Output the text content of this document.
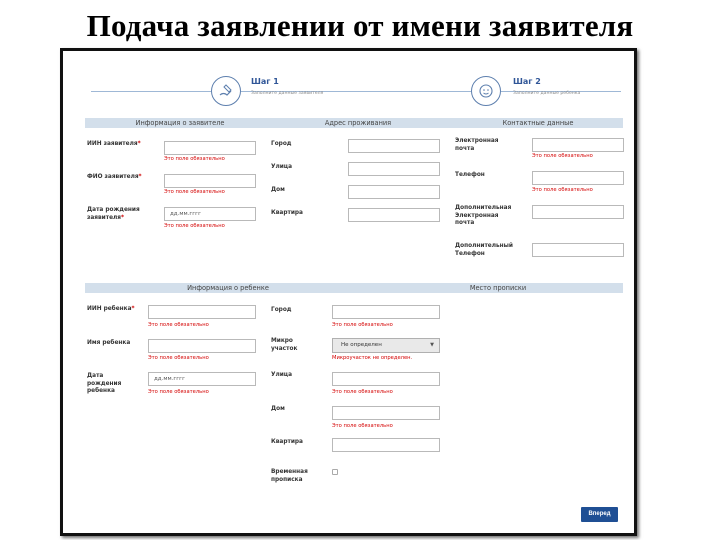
Подача заявлении от имени заявителя
Шаг 1
Заполните данные заявителя
Шаг 2
Заполните данные ребенка
Информация о заявителе	Адрес проживания	Контактные данные
ИИН заявителя*
Это поле обязательно
ФИО заявителя*
Это поле обязательно
Дата рождения заявителя*
дд.мм.гггг
Это поле обязательно
Город
Улица
Дом
Квартира
Электронная почта
Это поле обязательно
Телефон
Это поле обязательно
Дополнительная Электронная почта
Дополнительный Телефон
Информация о ребенке	Место прописки
ИИН ребенка*
Это поле обязательно
Имя ребенка
Это поле обязательно
Дата рождения ребенка
дд.мм.гггг
Это поле обязательно
Город
Это поле обязательно
Микро участок
Не определен	▼
Микроучасток не определен.
Улица
Это поле обязательно
Дом
Это поле обязательно
Квартира
Временная прописка
Вперед
